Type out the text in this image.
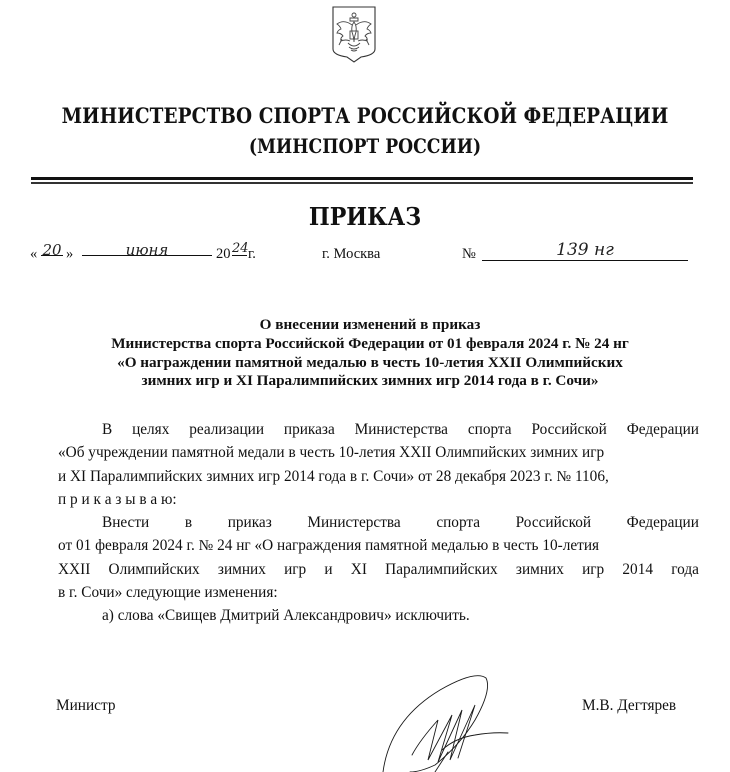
МИНИСТЕРСТВО СПОРТА РОССИЙСКОЙ ФЕДЕРАЦИИ
(МИНСПОРТ РОССИИ)
ПРИКАЗ
« 20 »	июня	20 24 г.	г. Москва	№	139 нг
О внесении изменений в приказ
Министерства спорта Российской Федерации от 01 февраля 2024 г. № 24 нг
«О награждении памятной медалью в честь 10-летия XXII Олимпийских
зимних игр и XI Паралимпийских зимних игр 2014 года в г. Сочи»
В целях реализации приказа Министерства спорта Российской Федерации
«Об учреждении памятной медали в честь 10-летия XXII Олимпийских зимних игр
и XI Паралимпийских зимних игр 2014 года в г. Сочи» от 28 декабря 2023 г. № 1106,
п р и к а з ы в а ю:
Внести в приказ Министерства спорта Российской Федерации
от 01 февраля 2024 г. № 24 нг «О награждения памятной медалью в честь 10-летия
XXII Олимпийских зимних игр и XI Паралимпийских зимних игр 2014 года
в г. Сочи» следующие изменения:
а) слова «Свищев Дмитрий Александрович» исключить.
Министр	М.В. Дегтярев
